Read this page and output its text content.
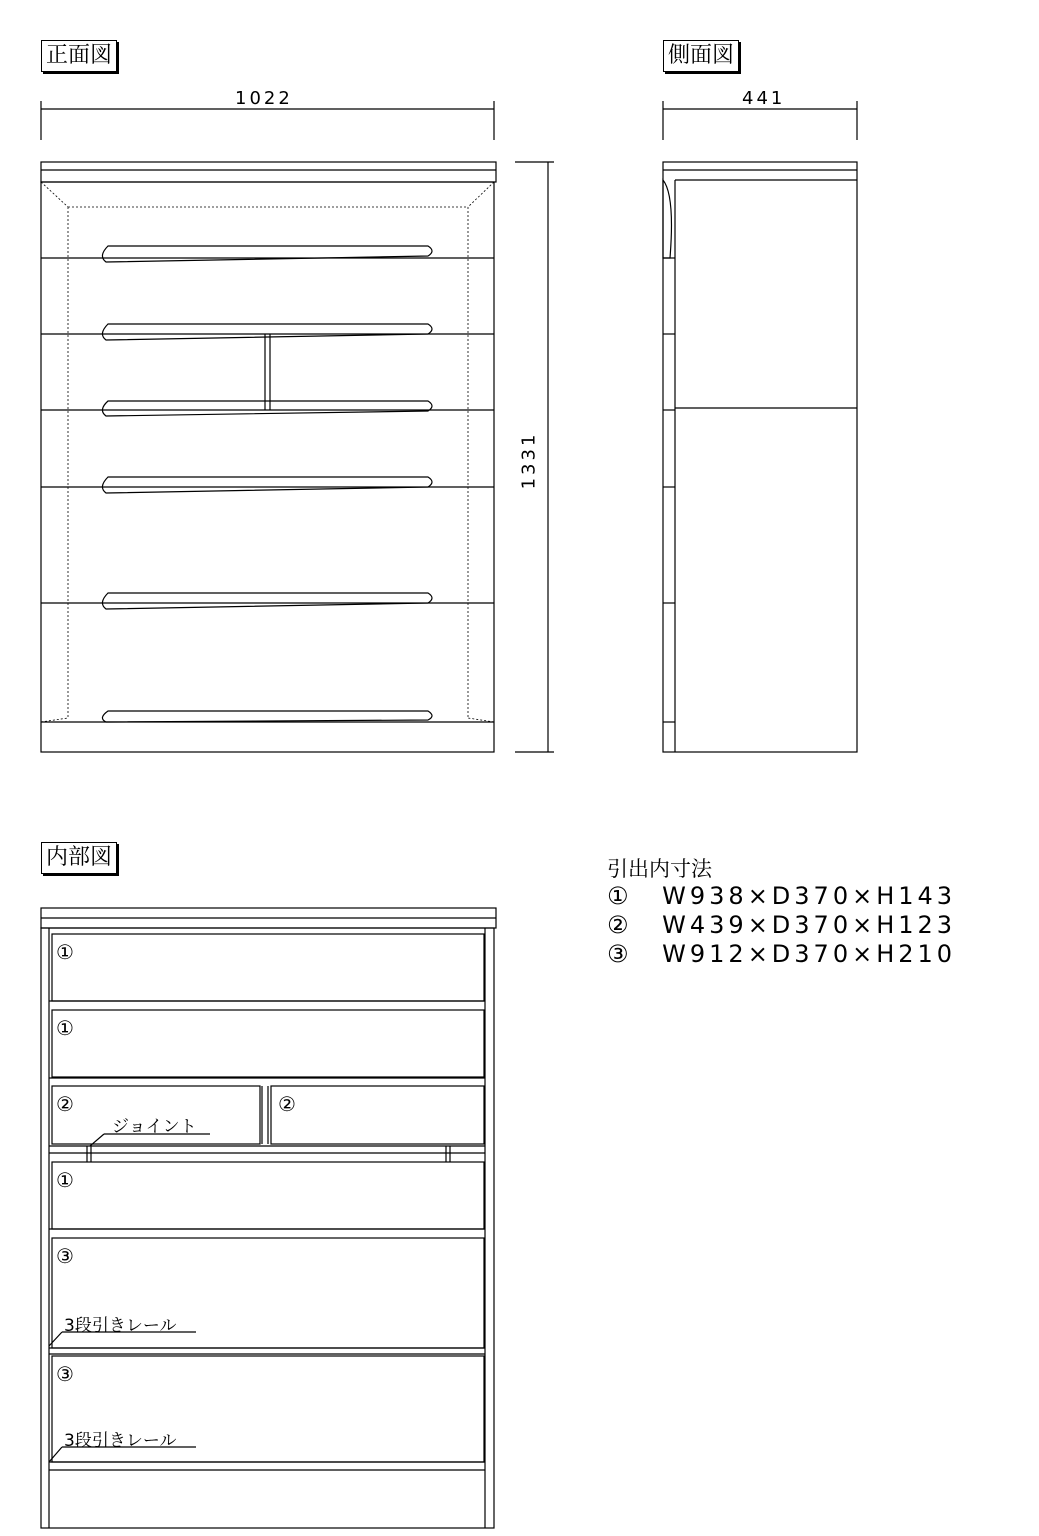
正面図	側面図
内部図
1022	441
1331
①
①
②	②
①
③
③
ジョイント
3段引きレール
3段引きレール
引出内寸法
① W938×D370×H143
② W439×D370×H123
③ W912×D370×H210
